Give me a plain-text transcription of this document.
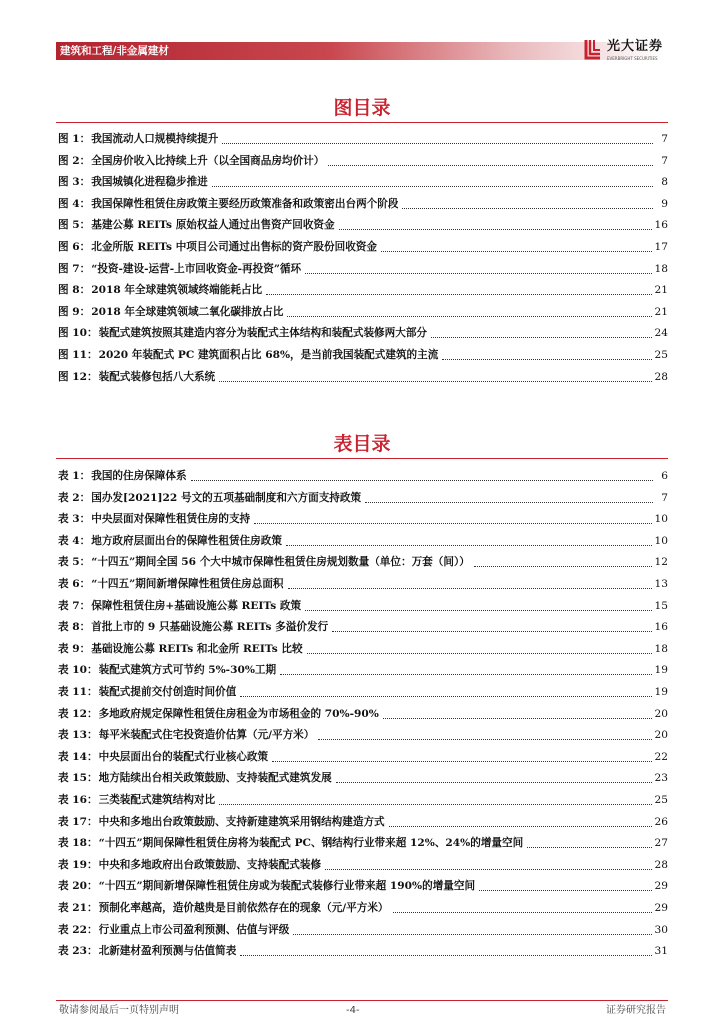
建筑和工程/非金属建材	光大证券
EVERBRIGHT SECURITIES
图目录
图 1： 我国流动人口规模持续提升	7
图 2： 全国房价收入比持续上升（以全国商品房均价计）	7
图 3： 我国城镇化进程稳步推进	8
图 4： 我国保障性租赁住房政策主要经历政策准备和政策密出台两个阶段	9
图 5： 基建公募 REITs 原始权益人通过出售资产回收资金	16
图 6： 北金所版 REITs 中项目公司通过出售标的资产股份回收资金	17
图 7： “投资-建设-运营-上市回收资金-再投资”循环	18
图 8： 2018 年全球建筑领域终端能耗占比	21
图 9： 2018 年全球建筑领域二氧化碳排放占比	21
图 10： 装配式建筑按照其建造内容分为装配式主体结构和装配式装修两大部分	24
图 11： 2020 年装配式 PC 建筑面积占比 68%，是当前我国装配式建筑的主流	25
图 12： 装配式装修包括八大系统	28
表目录
表 1： 我国的住房保障体系	6
表 2： 国办发[2021]22 号文的五项基础制度和六方面支持政策	7
表 3： 中央层面对保障性租赁住房的支持	10
表 4： 地方政府层面出台的保障性租赁住房政策	10
表 5： “十四五”期间全国 56 个大中城市保障性租赁住房规划数量（单位：万套（间））	12
表 6： “十四五”期间新增保障性租赁住房总面积	13
表 7： 保障性租赁住房+基础设施公募 REITs 政策	15
表 8： 首批上市的 9 只基础设施公募 REITs 多溢价发行	16
表 9： 基础设施公募 REITs 和北金所 REITs 比较	18
表 10： 装配式建筑方式可节约 5%-30%工期	19
表 11： 装配式提前交付创造时间价值	19
表 12： 多地政府规定保障性租赁住房租金为市场租金的 70%-90%	20
表 13： 每平米装配式住宅投资造价估算（元/平方米）	20
表 14： 中央层面出台的装配式行业核心政策	22
表 15： 地方陆续出台相关政策鼓励、支持装配式建筑发展	23
表 16： 三类装配式建筑结构对比	25
表 17： 中央和多地出台政策鼓励、支持新建建筑采用钢结构建造方式	26
表 18： “十四五”期间保障性租赁住房将为装配式 PC、钢结构行业带来超 12%、24%的增量空间	27
表 19： 中央和多地政府出台政策鼓励、支持装配式装修	28
表 20： “十四五”期间新增保障性租赁住房或为装配式装修行业带来超 190%的增量空间	29
表 21： 预制化率越高，造价越贵是目前依然存在的现象（元/平方米）	29
表 22： 行业重点上市公司盈利预测、估值与评级	30
表 23： 北新建材盈利预测与估值简表	31
敬请参阅最后一页特别声明	-4-	证券研究报告
